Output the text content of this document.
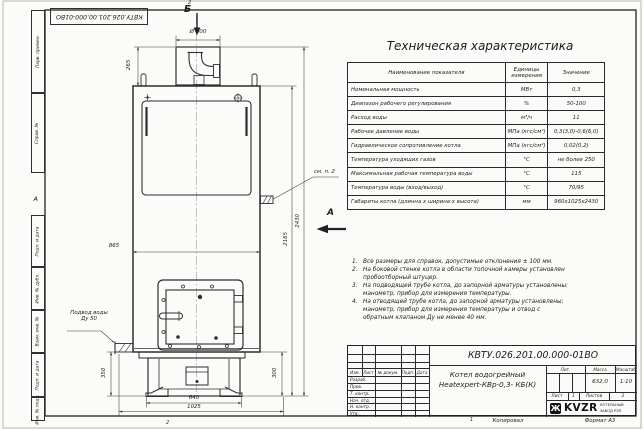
КВТУ.026.201.00.000-01ВО
2
2	1
А
Перв. примен.
Справ. №
Подп. и дата
Инв. № дубл.
Взам. инв. №
Подп. и дата
Инв. № подл.	Копировал	Формат А3
Б
А
Ø 300
265
865
2165
2430
300
350
640
1025
см. п. 2
Подвод воды
Ду 50
Техническая характеристика
Наименование показателя	Единицы измерения	Значение
Номинальная мощность	МВт	0,3
Диапазон рабочего регулирования	%	50-100
Расход воды	м³/ч	11
Рабочее давление воды	МПа (кгс/см²)	0,3(3,0)-0,6(6,0)
Гидравлическое сопротивление котла	МПа (кгс/см²)	0,02(0,2)
Температура уходящих газов	°С	не более 250
Максимальная рабочая температура воды	°С	115
Температура воды (вход/выход)	°С	70/95
Габариты котла (длинна х ширина х высота)	мм	960х1025х2430
1. Все размеры для справок, допустимые отклонения ± 100 мм.
2. На боковой стенке котла в области топочной камеры установлен пробоотборный штуцер.
3. На подводящей трубе котла, до запорной арматуры установлены: манометр, прибор для измерения температуры.
4. На отводящей трубе котла, до запорной арматуры установлены: манометр, прибор для измерения температуры и отвод с обратным клапаном Ду не менее 40 мм.
КВТУ.026.201.00.000-01ВО
Изм. Лист № докум. Подп. Дата
Разраб.
Пров.
Т. контр.
Нач. отд.
Н. контр.
Утв.
Котел водогрейный
Heatexpert-КВр-0,3- КБ(К)
Лит.	Масса	Масштаб
632,0	1:10
Лист	1	Листов	2
Ж KVZR КОТЕЛЬНЫЙ
ЗАВОД РЭП
